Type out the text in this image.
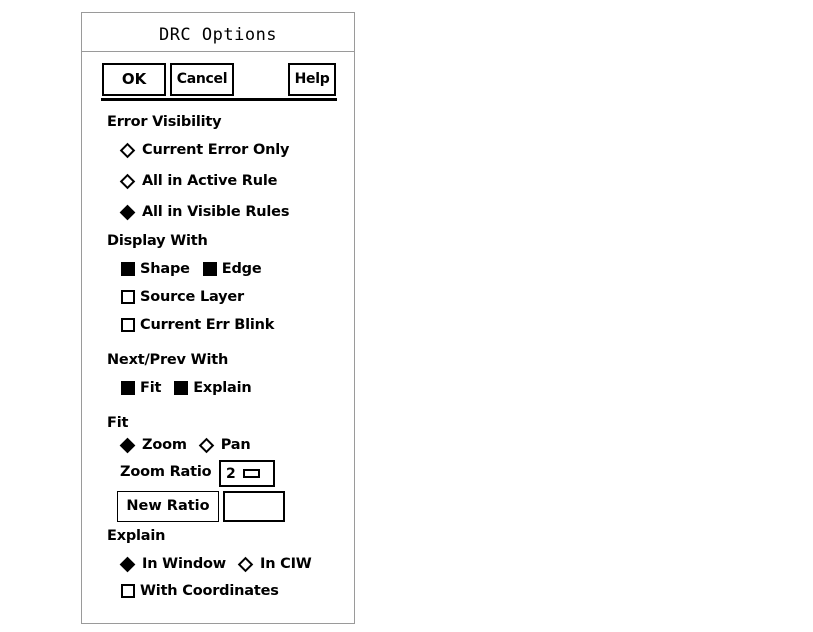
DRC Options
OK	Cancel	Help
Error Visibility
Current Error Only
All in Active Rule
All in Visible Rules
Display With
Shape Edge
Source Layer
Current Err Blink
Next/Prev With
Fit Explain
Fit
Zoom Pan
Zoom Ratio 2
New Ratio
Explain
In Window In CIW
With Coordinates
